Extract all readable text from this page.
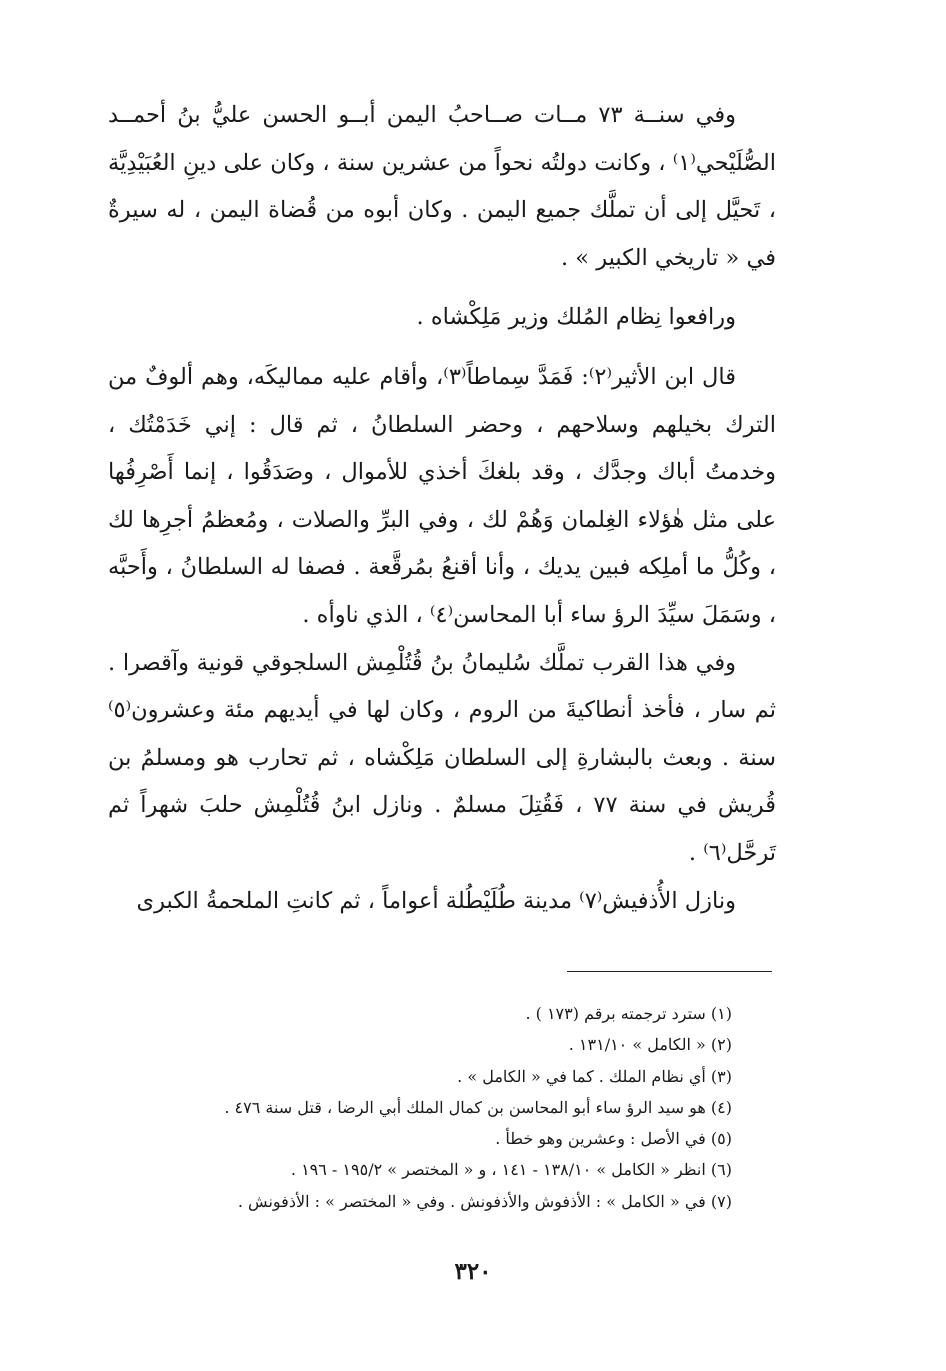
وفي سنــة ٧٣ مــات صــاحبُ اليمن أبــو الحسن عليُّ بنُ أحمــد الصُّلَيْحي⁽١⁾ ، وكانت دولتُه نحواً من عشرين سنة ، وكان على دينِ العُبَيْدِيَّة ، تَحيَّل إلى أن تملَّك جميع اليمن . وكان أبوه من قُضاة اليمن ، له سيرةٌ في « تاريخي الكبير » .

ورافعوا نِظام المُلك وزير مَلِكْشاه .

قال ابن الأثير⁽٢⁾: فَمَدَّ سِماطاً⁽٣⁾، وأقام عليه مماليكَه، وهم ألوفٌ من الترك بخيلهم وسلاحهم ، وحضر السلطانُ ، ثم قال : إني خَدَمْتُك ، وخدمتُ أباك وجدَّك ، وقد بلغكَ أخذي للأموال ، وصَدَقُوا ، إنما أَصْرِفُها على مثل هٰؤلاء الغِلمان وَهُمْ لك ، وفي البرِّ والصلات ، ومُعظمُ أجرِها لك ، وكُلُّ ما أملِكه فبين يديك ، وأنا أقنعُ بمُرقَّعة . فصفا له السلطانُ ، وأَحبَّه ، وسَمَلَ سيِّدَ الرؤ ساء أبا المحاسن⁽٤⁾ ، الذي ناوأه .

وفي هذا القرب تملَّك سُليمانُ بنُ قُتُلْمِش السلجوقي قونية وآقصرا . ثم سار ، فأخذ أنطاكيةَ من الروم ، وكان لها في أيديهم مئة وعشرون⁽٥⁾ سنة . وبعث بالبشارةِ إلى السلطان مَلِكْشاه ، ثم تحارب هو ومسلمُ بن قُريش في سنة ٧٧ ، فَقُتِلَ مسلمٌ . ونازل ابنُ قُتُلْمِش حلبَ شهراً ثم تَرحَّل⁽٦⁾ .

ونازل الأُذفيش⁽٧⁾ مدينة طُلَيْطُلة أعواماً ، ثم كانتِ الملحمةُ الكبرى

(١) سترد ترجمته برقم (١٧٣ ) .
(٢) « الكامل » ١٣١/١٠ .
(٣) أي نظام الملك . كما في « الكامل » .
(٤) هو سيد الرؤ ساء أبو المحاسن بن كمال الملك أبي الرضا ، قتل سنة ٤٧٦ .
(٥) في الأصل : وعشرين وهو خطأ .
(٦) انظر « الكامل » ١٣٨/١٠ - ١٤١ ، و « المختصر » ١٩٥/٢ - ١٩٦ .
(٧) في « الكامل » : الأذفوش والأذفونش . وفي « المختصر » : الأذفونش .
٣٢٠
